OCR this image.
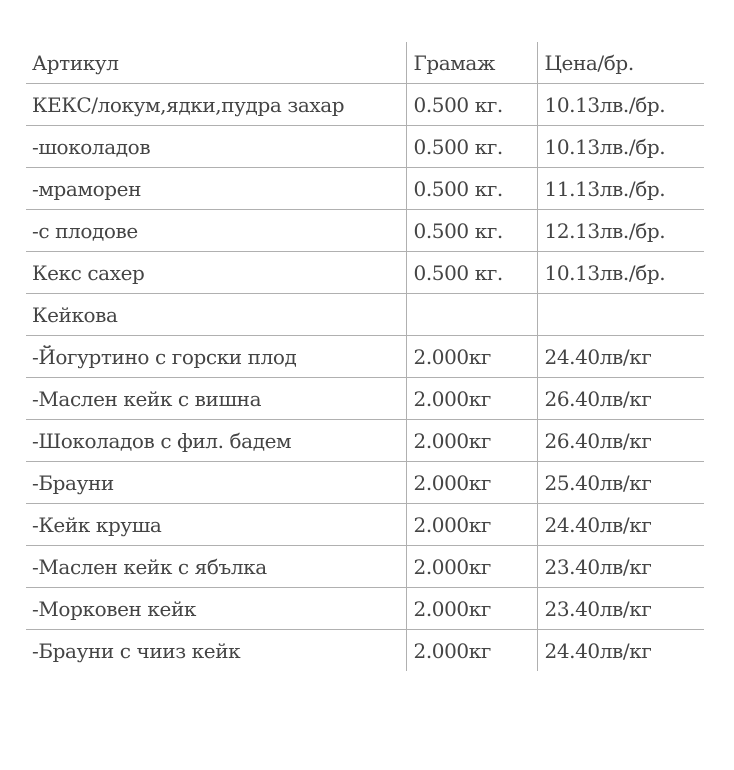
Артикул	Грамаж	Цена/бр.
КЕКС/локум,ядки,пудра захар	0.500 кг.	10.13лв./бр.
-шоколадов	0.500 кг.	10.13лв./бр.
-мраморен	0.500 кг.	11.13лв./бр.
-с плодове	0.500 кг.	12.13лв./бр.
Кекс сахер	0.500 кг.	10.13лв./бр.
Кейкова		
-Йогуртино с горски плод	2.000кг	24.40лв/кг
-Маслен кейк с вишна	2.000кг	26.40лв/кг
-Шоколадов с фил. бадем	2.000кг	26.40лв/кг
-Брауни	2.000кг	25.40лв/кг
-Кейк круша	2.000кг	24.40лв/кг
-Маслен кейк с ябълка	2.000кг	23.40лв/кг
-Морковен кейк	2.000кг	23.40лв/кг
-Брауни с чииз кейк	2.000кг	24.40лв/кг
